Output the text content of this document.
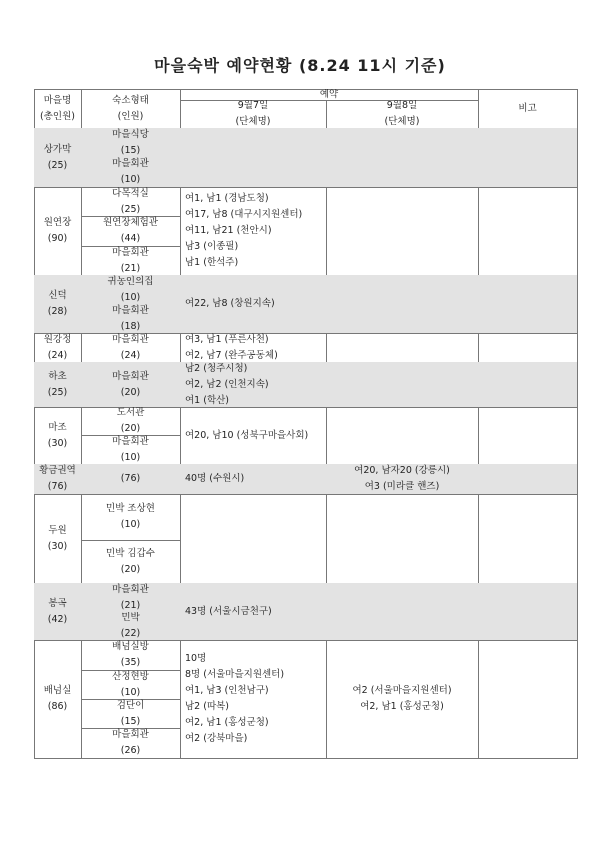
마을숙박 예약현황 (8.24 11시 기준)
마을명
(총인원)
숙소형태
(인원)
예약
9월7일
(단체명)
9월8일
(단체명)
비고
상가막
(25)
마을식당
(15)
마을회관
(10)
원연장
(90)
다목적실
(25)
원연장체험관
(44)
마을회관
(21)
여1, 남1 (경남도청)
여17, 남8 (대구시지원센터)
여11, 남21 (천안시)
남3 (이종필)
남1 (한석주)
신덕
(28)
귀농인의집
(10)
마을회관
(18)
여22, 남8 (창원지속)
원강정
(24)
마을회관
(24)
여3, 남1 (푸른사천)
여2, 남7 (완주공동체)
하초
(25)
마을회관
(20)
남2 (청주시청)
여2, 남2 (인천지속)
여1 (학산)
마조
(30)
도서관
(20)
마을회관
(10)
여20, 남10 (성북구마을사회)
황금권역
(76)
(76)	40명 (수원시)
여20, 남자20 (강릉시)
여3 (미라클 핸즈)
두원
(30)
민박 조상현
(10)
민박 김갑수
(20)
봉곡
(42)
마을회관
(21)
민박
(22)
43명 (서울시금천구)
배넘실
(86)
배넘실방
(35)
산정현방
(10)
검단이
(15)
마을회관
(26)
10명
8명 (서울마을지원센터)
여1, 남3 (인천남구)
남2 (따복)
여2, 남1 (홍성군청)
여2 (강북마을)
여2 (서울마을지원센터)
여2, 남1 (홍성군청)
